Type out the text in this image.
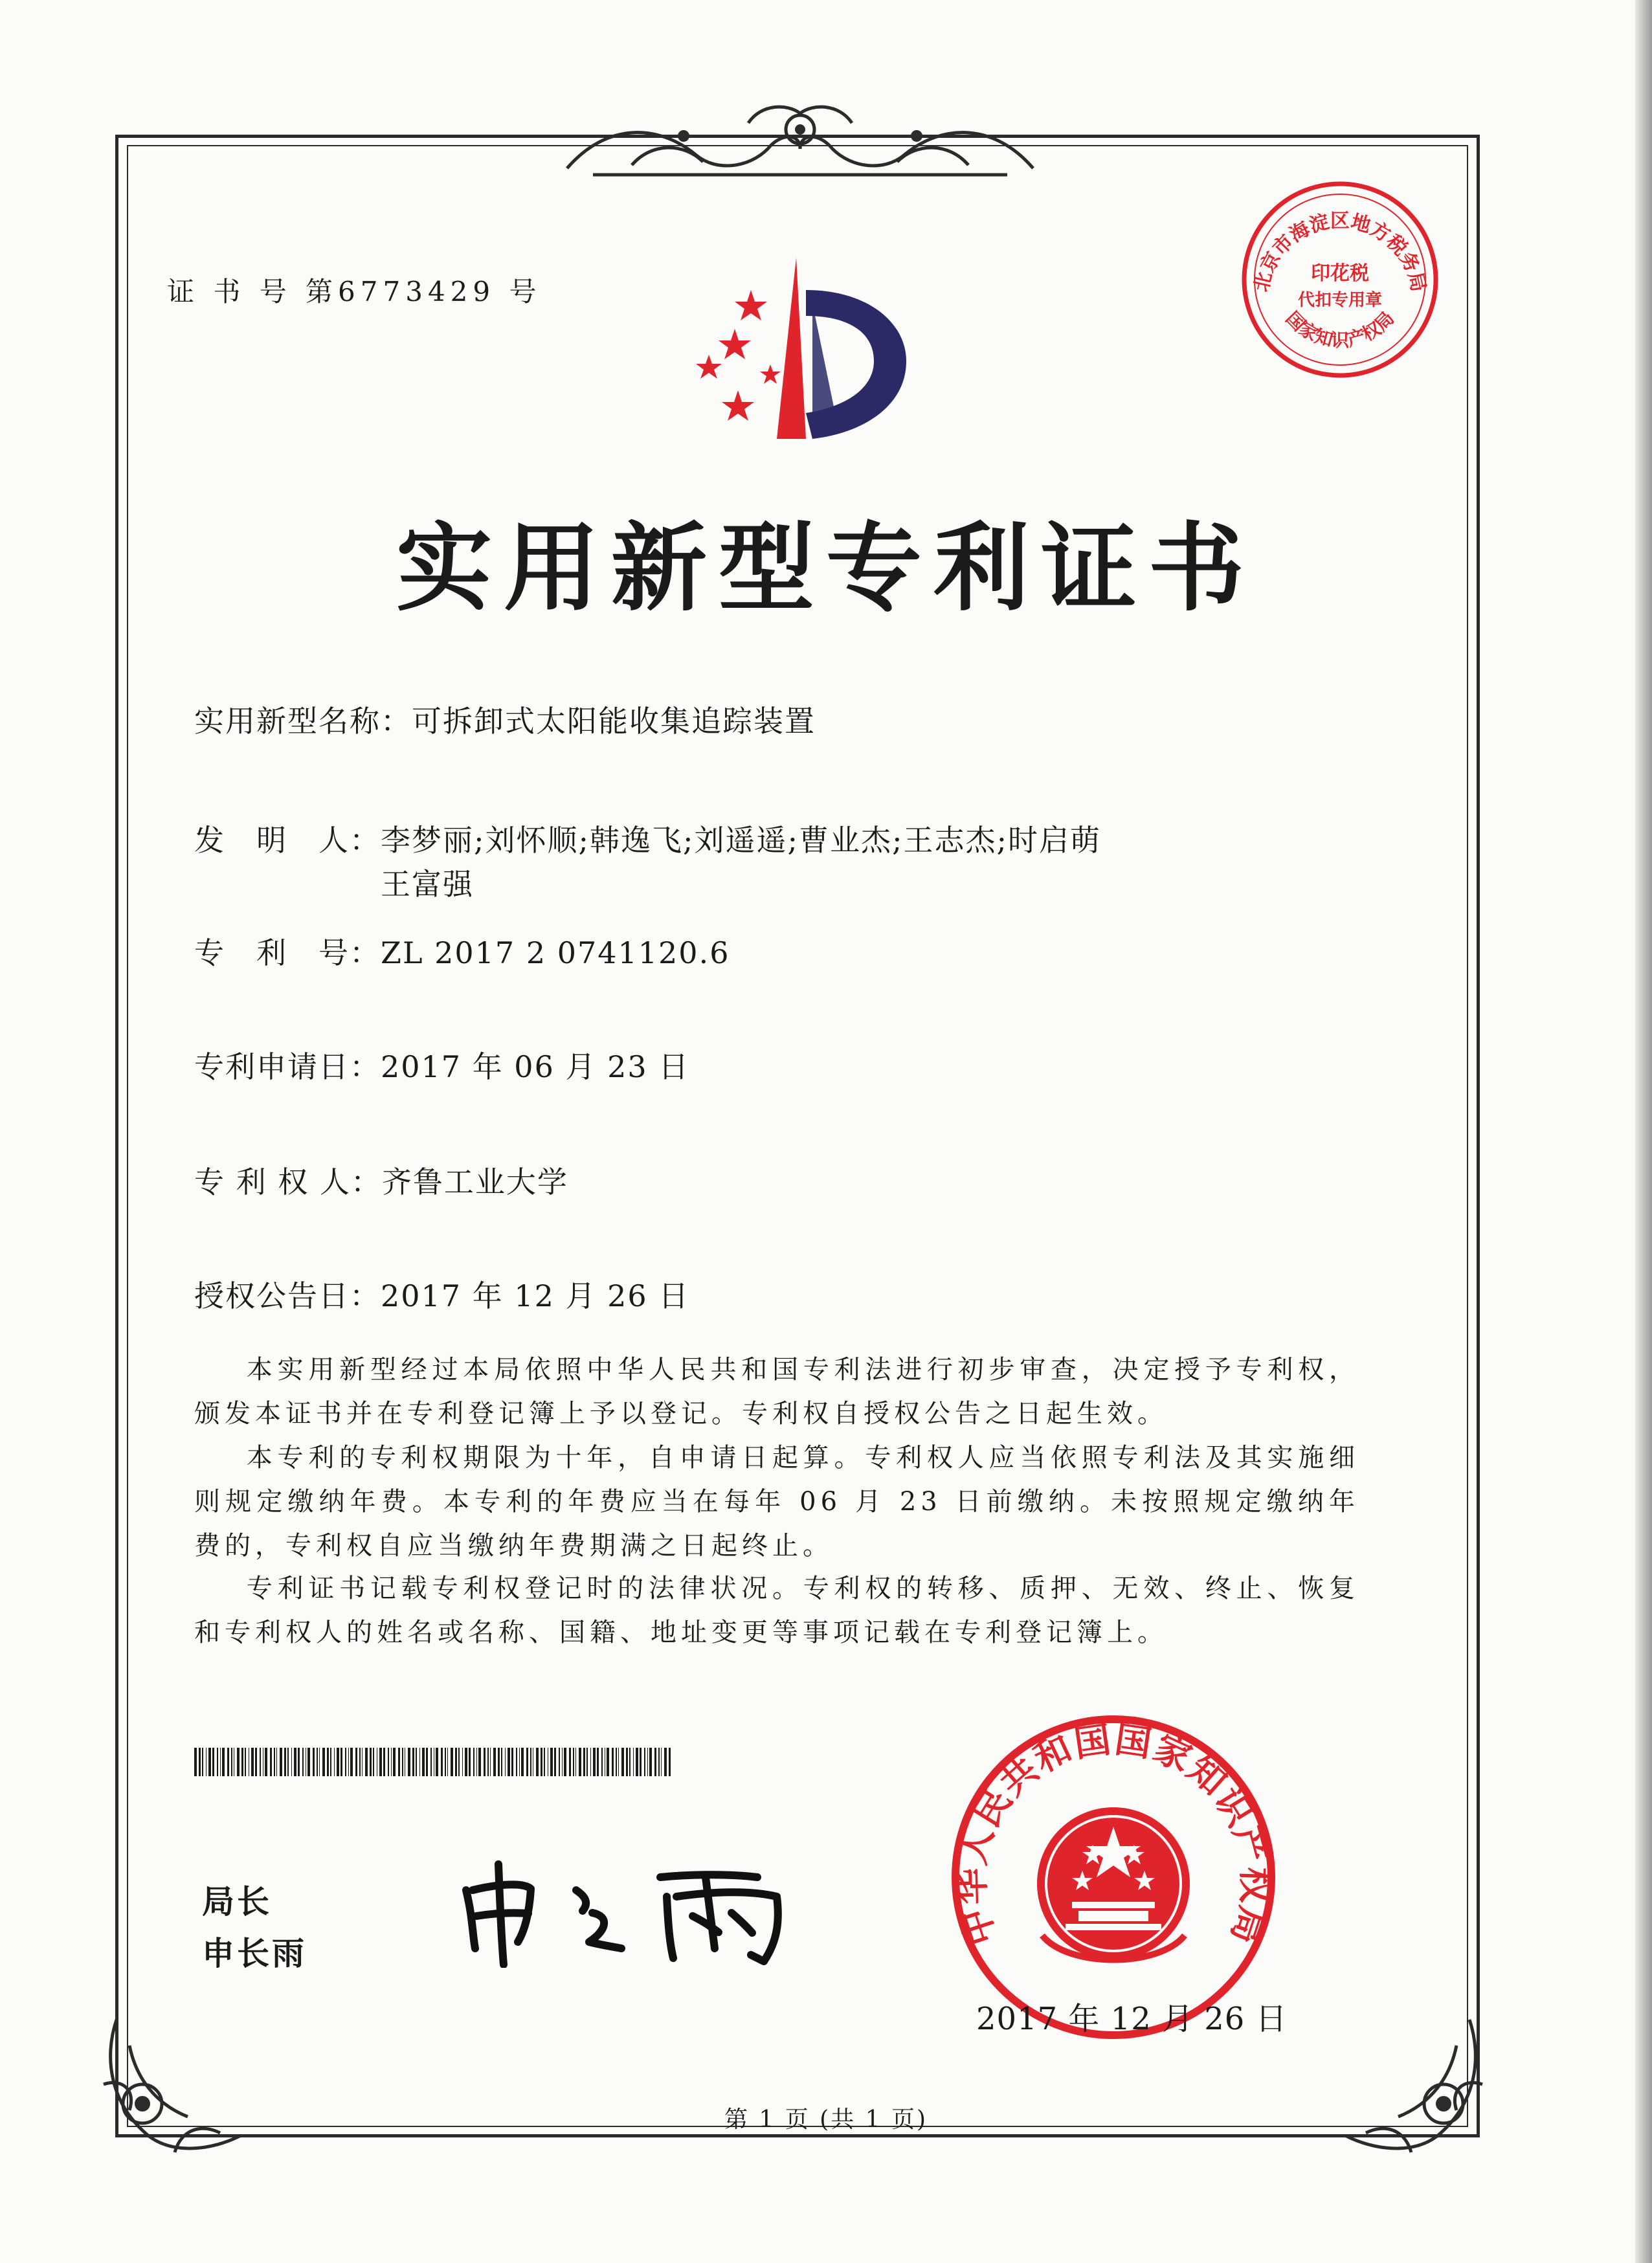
证 书 号 第6773429 号	北京市海淀区地方税务局
印花税
代扣专用章
国家知识产权局
实用新型专利证书
实用新型名称：可拆卸式太阳能收集追踪装置
发　明　人：李梦丽;刘怀顺;韩逸飞;刘遥遥;曹业杰;王志杰;时启萌
王富强
专　利　号：ZL 2017 2 0741120.6
专利申请日：2017 年 06 月 23 日
专 利 权 人：齐鲁工业大学
授权公告日：2017 年 12 月 26 日
本实用新型经过本局依照中华人民共和国专利法进行初步审查，决定授予专利权，颁发本证书并在专利登记簿上予以登记。专利权自授权公告之日起生效。
本专利的专利权期限为十年，自申请日起算。专利权人应当依照专利法及其实施细则规定缴纳年费。本专利的年费应当在每年 06 月 23 日前缴纳。未按照规定缴纳年费的，专利权自应当缴纳年费期满之日起终止。
专利证书记载专利权登记时的法律状况。专利权的转移、质押、无效、终止、恢复和专利权人的姓名或名称、国籍、地址变更等事项记载在专利登记簿上。
局长
申长雨
中华人民共和国国家知识产权局
2017 年 12 月 26 日
第 1 页 (共 1 页)
